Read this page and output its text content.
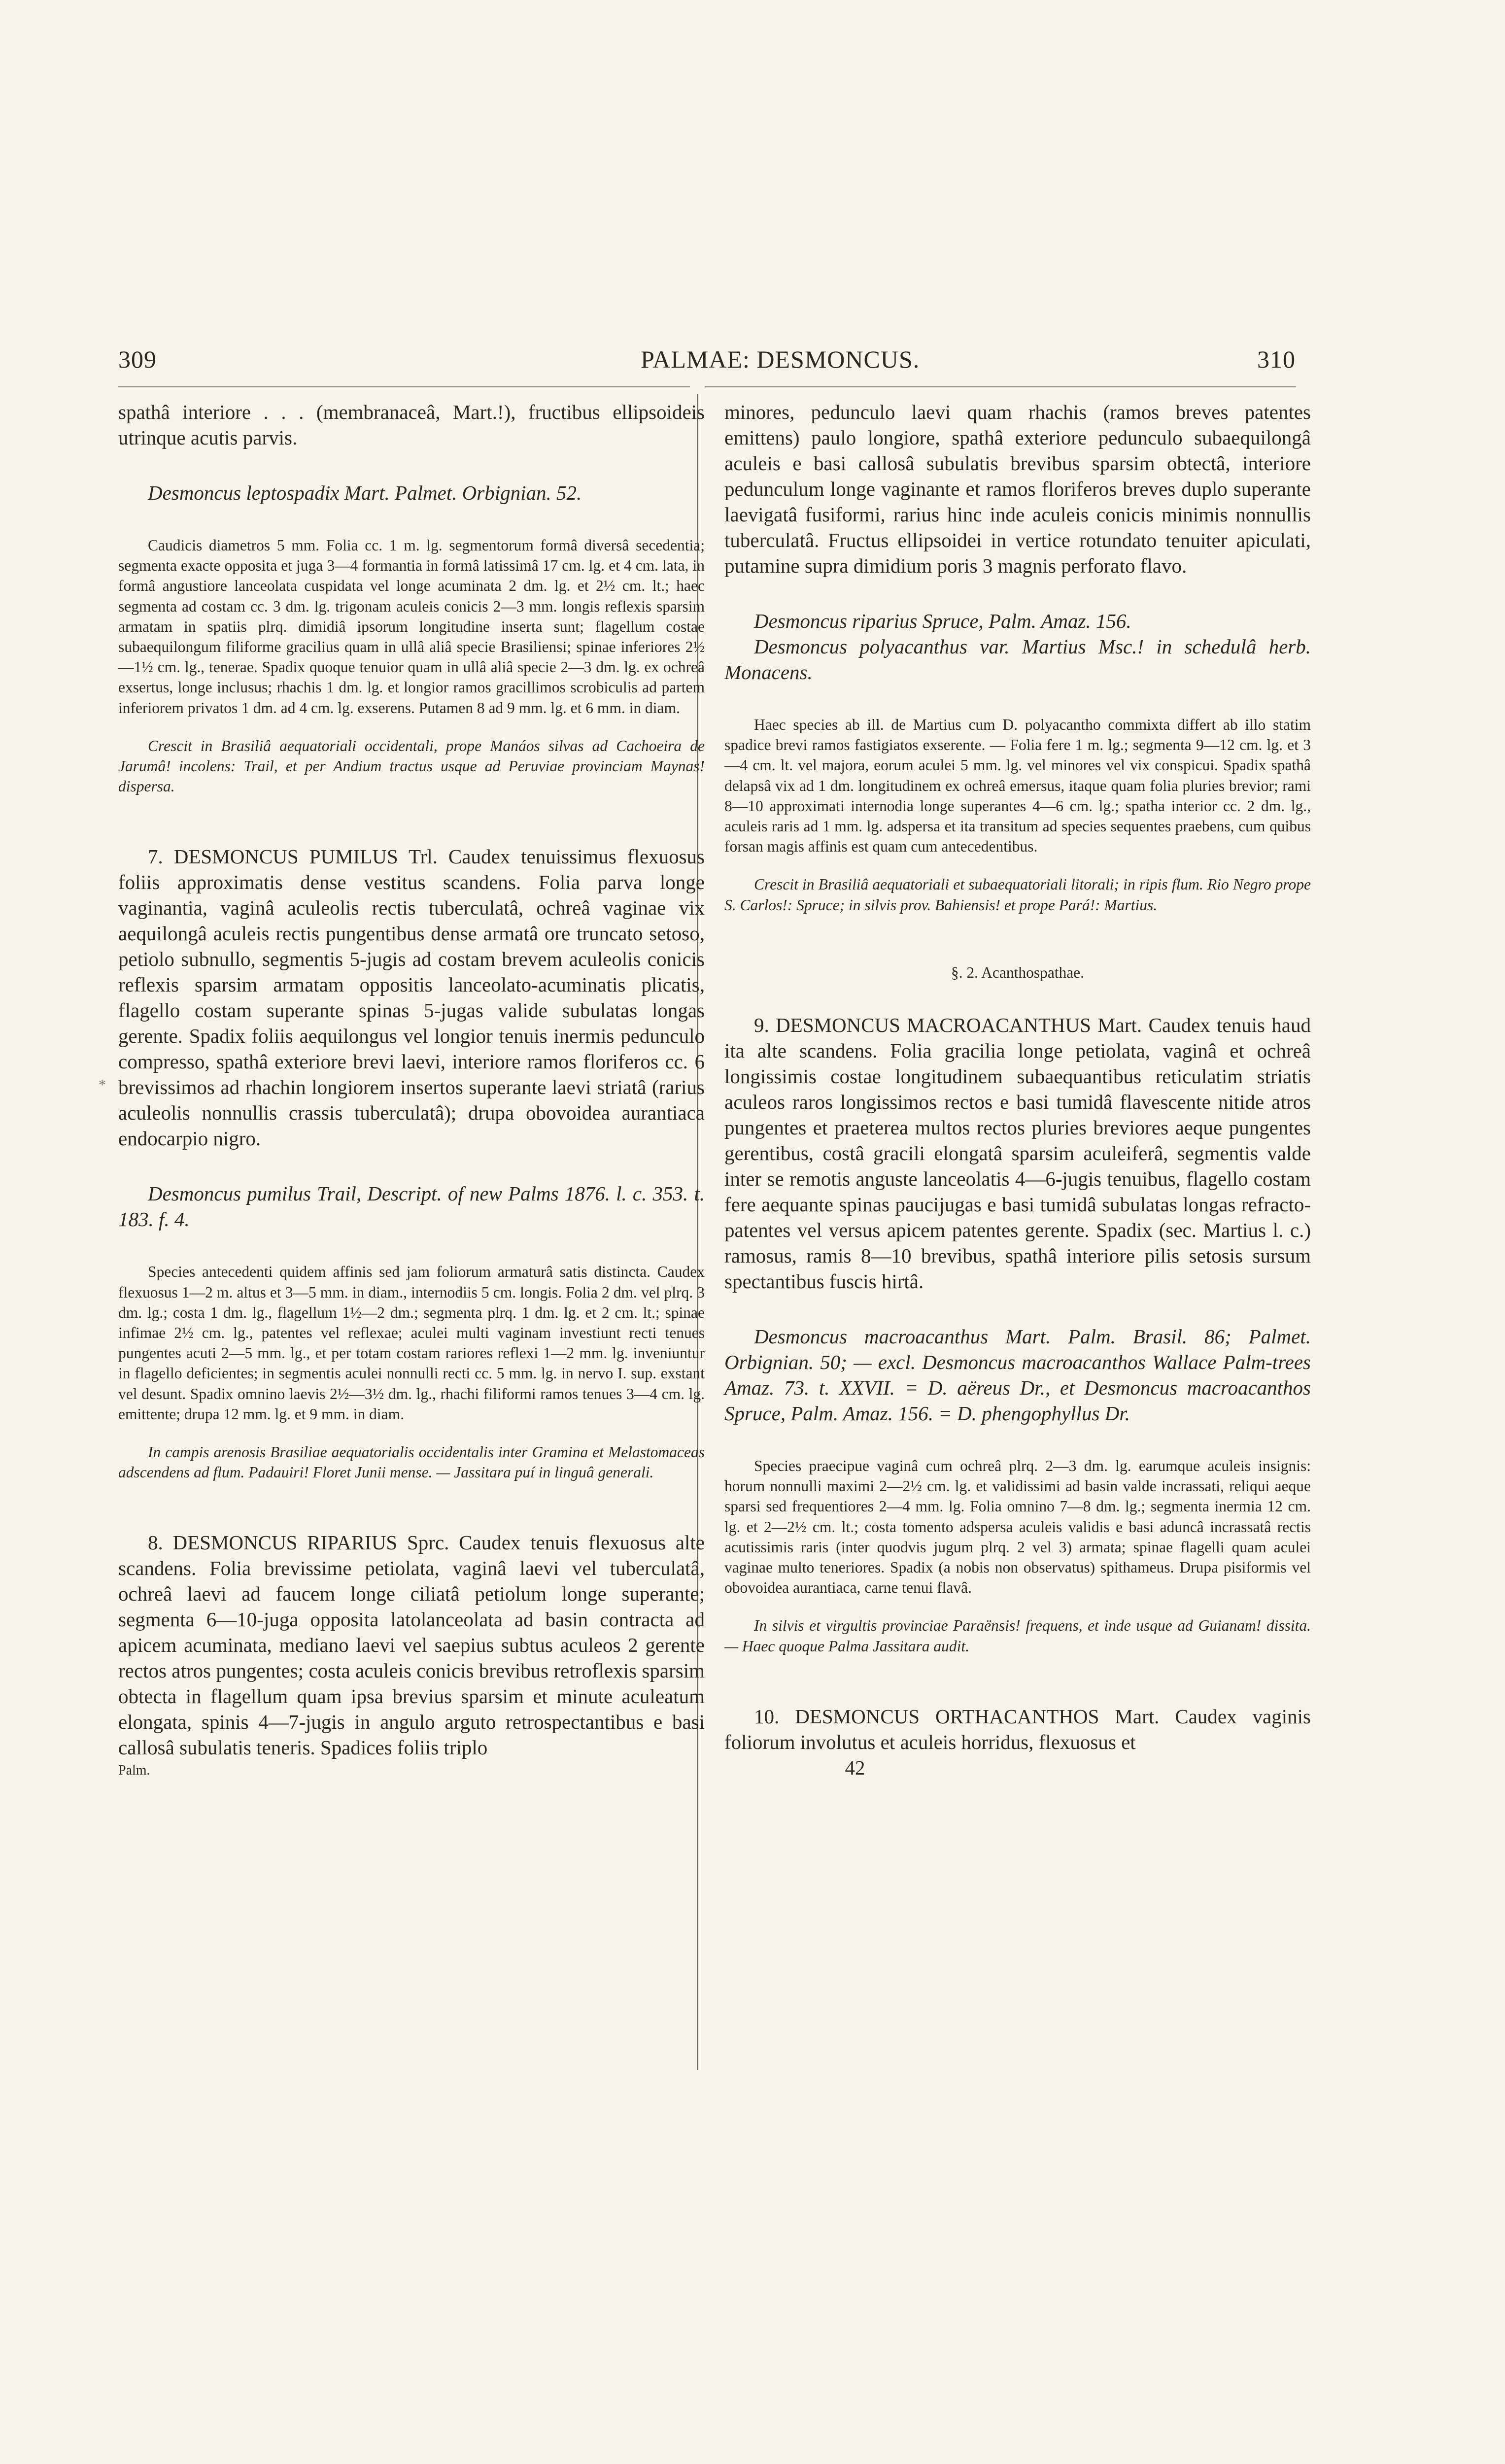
309	PALMAE: DESMONCUS.	310
*

spathâ interiore . . . (membranaceâ, Mart.!), fructibus ellipsoideis utrinque acutis parvis.

Desmoncus leptospadix Mart. Palmet. Orbignian. 52.

Caudicis diametros 5 mm. Folia cc. 1 m. lg. segmentorum formâ diversâ secedentia; segmenta exacte opposita et juga 3—4 formantia in formâ latissimâ 17 cm. lg. et 4 cm. lata, in formâ angustiore lanceolata cuspidata vel longe acuminata 2 dm. lg. et 2½ cm. lt.; haec segmenta ad costam cc. 3 dm. lg. trigonam aculeis conicis 2—3 mm. longis reflexis sparsim armatam in spatiis plrq. dimidiâ ipsorum longitudine inserta sunt; flagellum costae subaequilongum filiforme gracilius quam in ullâ aliâ specie Brasiliensi; spinae inferiores 2½—1½ cm. lg., tenerae. Spadix quoque tenuior quam in ullâ aliâ specie 2—3 dm. lg. ex ochreâ exsertus, longe inclusus; rhachis 1 dm. lg. et longior ramos gracillimos scrobiculis ad partem inferiorem privatos 1 dm. ad 4 cm. lg. exserens. Putamen 8 ad 9 mm. lg. et 6 mm. in diam.

Crescit in Brasiliâ aequatoriali occidentali, prope Manáos silvas ad Cachoeira de Jarumâ! incolens: Trail, et per Andium tractus usque ad Peruviae provinciam Maynas! dispersa.

7. DESMONCUS PUMILUS Trl. Caudex tenuissimus flexuosus foliis approximatis dense vestitus scandens. Folia parva longe vaginantia, vaginâ aculeolis rectis tuberculatâ, ochreâ vaginae vix aequilongâ aculeis rectis pungentibus dense armatâ ore truncato setoso, petiolo subnullo, segmentis 5-jugis ad costam brevem aculeolis conicis reflexis sparsim armatam oppositis lanceolato-acuminatis plicatis, flagello costam superante spinas 5-jugas valide subulatas longas gerente. Spadix foliis aequilongus vel longior tenuis inermis pedunculo compresso, spathâ exteriore brevi laevi, interiore ramos floriferos cc. 6 brevissimos ad rhachin longiorem insertos superante laevi striatâ (rarius aculeolis nonnullis crassis tuberculatâ); drupa obovoidea aurantiaca endocarpio nigro.

Desmoncus pumilus Trail, Descript. of new Palms 1876. l. c. 353. t. 183. f. 4.

Species antecedenti quidem affinis sed jam foliorum armaturâ satis distincta. Caudex flexuosus 1—2 m. altus et 3—5 mm. in diam., internodiis 5 cm. longis. Folia 2 dm. vel plrq. 3 dm. lg.; costa 1 dm. lg., flagellum 1½—2 dm.; segmenta plrq. 1 dm. lg. et 2 cm. lt.; spinae infimae 2½ cm. lg., patentes vel reflexae; aculei multi vaginam investiunt recti tenues pungentes acuti 2—5 mm. lg., et per totam costam rariores reflexi 1—2 mm. lg. inveniuntur in flagello deficientes; in segmentis aculei nonnulli recti cc. 5 mm. lg. in nervo I. sup. exstant vel desunt. Spadix omnino laevis 2½—3½ dm. lg., rhachi filiformi ramos tenues 3—4 cm. lg. emittente; drupa 12 mm. lg. et 9 mm. in diam.

In campis arenosis Brasiliae aequatorialis occidentalis inter Gramina et Melastomaceas adscendens ad flum. Padauiri! Floret Junii mense. — Jassitara puí in linguâ generali.

8. DESMONCUS RIPARIUS Sprc. Caudex tenuis flexuosus alte scandens. Folia brevissime petiolata, vaginâ laevi vel tuberculatâ, ochreâ laevi ad faucem longe ciliatâ petiolum longe superante; segmenta 6—10-juga opposita latolanceolata ad basin contracta ad apicem acuminata, mediano laevi vel saepius subtus aculeos 2 gerente rectos atros pungentes; costa aculeis conicis brevibus retroflexis sparsim obtecta in flagellum quam ipsa brevius sparsim et minute aculeatum elongata, spinis 4—7-jugis in angulo arguto retrospectantibus e basi callosâ subulatis teneris. Spadices foliis triplo

Palm.

minores, pedunculo laevi quam rhachis (ramos breves patentes emittens) paulo longiore, spathâ exteriore pedunculo subaequilongâ aculeis e basi callosâ subulatis brevibus sparsim obtectâ, interiore pedunculum longe vaginante et ramos floriferos breves duplo superante laevigatâ fusiformi, rarius hinc inde aculeis conicis minimis nonnullis tuberculatâ. Fructus ellipsoidei in vertice rotundato tenuiter apiculati, putamine supra dimidium poris 3 magnis perforato flavo.

Desmoncus riparius Spruce, Palm. Amaz. 156.

Desmoncus polyacanthus var. Martius Msc.! in schedulâ herb. Monacens.

Haec species ab ill. de Martius cum D. polyacantho commixta differt ab illo statim spadice brevi ramos fastigiatos exserente. — Folia fere 1 m. lg.; segmenta 9—12 cm. lg. et 3—4 cm. lt. vel majora, eorum aculei 5 mm. lg. vel minores vel vix conspicui. Spadix spathâ delapsâ vix ad 1 dm. longitudinem ex ochreâ emersus, itaque quam folia pluries brevior; rami 8—10 approximati internodia longe superantes 4—6 cm. lg.; spatha interior cc. 2 dm. lg., aculeis raris ad 1 mm. lg. adspersa et ita transitum ad species sequentes praebens, cum quibus forsan magis affinis est quam cum antecedentibus.

Crescit in Brasiliâ aequatoriali et subaequatoriali litorali; in ripis flum. Rio Negro prope S. Carlos!: Spruce; in silvis prov. Bahiensis! et prope Pará!: Martius.

§. 2. Acanthospathae.

9. DESMONCUS MACROACANTHUS Mart. Caudex tenuis haud ita alte scandens. Folia gracilia longe petiolata, vaginâ et ochreâ longissimis costae longitudinem subaequantibus reticulatim striatis aculeos raros longissimos rectos e basi tumidâ flavescente nitide atros pungentes et praeterea multos rectos pluries breviores aeque pungentes gerentibus, costâ gracili elongatâ sparsim aculeiferâ, segmentis valde inter se remotis anguste lanceolatis 4—6-jugis tenuibus, flagello costam fere aequante spinas paucijugas e basi tumidâ subulatas longas refracto-patentes vel versus apicem patentes gerente. Spadix (sec. Martius l. c.) ramosus, ramis 8—10 brevibus, spathâ interiore pilis setosis sursum spectantibus fuscis hirtâ.

Desmoncus macroacanthus Mart. Palm. Brasil. 86; Palmet. Orbignian. 50; — excl. Desmoncus macroacanthos Wallace Palm-trees Amaz. 73. t. XXVII. = D. aëreus Dr., et Desmoncus macroacanthos Spruce, Palm. Amaz. 156. = D. phengophyllus Dr.

Species praecipue vaginâ cum ochreâ plrq. 2—3 dm. lg. earumque aculeis insignis: horum nonnulli maximi 2—2½ cm. lg. et validissimi ad basin valde incrassati, reliqui aeque sparsi sed frequentiores 2—4 mm. lg. Folia omnino 7—8 dm. lg.; segmenta inermia 12 cm. lg. et 2—2½ cm. lt.; costa tomento adspersa aculeis validis e basi aduncâ incrassatâ rectis acutissimis raris (inter quodvis jugum plrq. 2 vel 3) armata; spinae flagelli quam aculei vaginae multo teneriores. Spadix (a nobis non observatus) spithameus. Drupa pisiformis vel obovoidea aurantiaca, carne tenui flavâ.

In silvis et virgultis provinciae Paraënsis! frequens, et inde usque ad Guianam! dissita. — Haec quoque Palma Jassitara audit.

10. DESMONCUS ORTHACANTHOS Mart. Caudex vaginis foliorum involutus et aculeis horridus, flexuosus et

42
